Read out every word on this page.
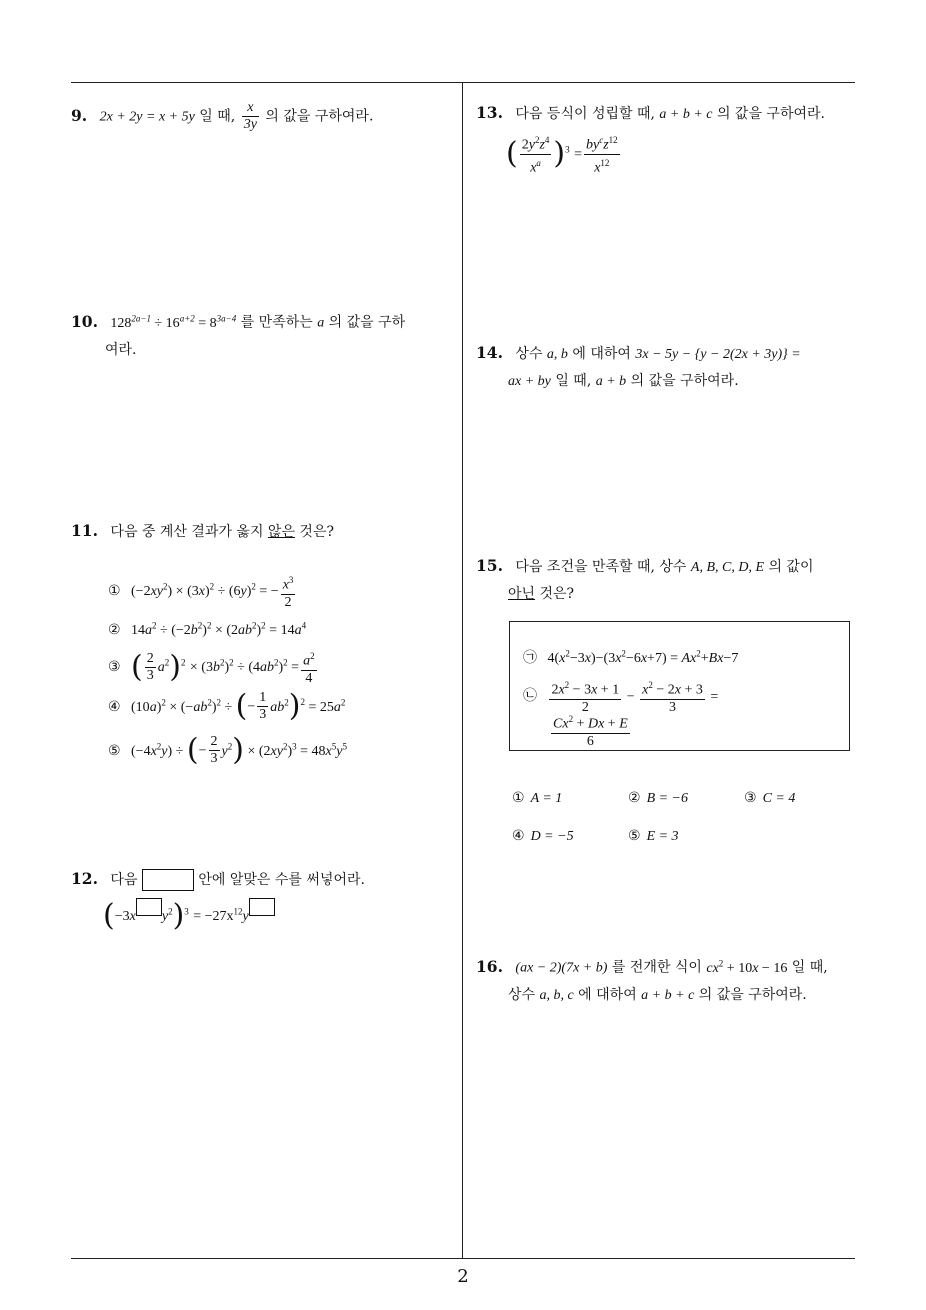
9. 2x + 2y = x + 5y 일 때, $\frac{x}{3y}$ 의 값을 구하여라.
10. $128^{2a-1} \div 16^{a+2} = 8^{3a-4}$ 를 만족하는 a 의 값을 구하
여라.
11. 다음 중 계산 결과가 옳지 않은 것은?
① $(-2xy^2) \times (3x)^2 \div (6y)^2$ = − $\frac{x^3}{2}$
② $14a^2 \div (-2b^2)^2 \times (2ab^2)^2 = 14a^4$
③ ( $\frac{2}{3} a^2)^2 \times (3b^2)^2 \div (4ab^2)^2 = \frac{a^2}{4}$
④ $(10a)^2 \times (-ab^2)^2$ ÷ (− $\frac{1}{3} ab^2)^2 = 25a^2$
⑤ $(-4x^2y)$ ÷ (− $\frac{2}{3} y^2) \times (2xy^2)^3 = 48x^5y^5$
12. 다음	안에 알맞은 수를 써넣어라.
(−3x $y^2)^3 = -27x^{12}y$
13. 다음 등식이 성립할 때, a + b + c 의 값을 구하여라.
( $\frac{2y^2z^4}{x^a} )^3 = \frac{by^cz^{12}}{x^{12}}$
14. 상수 a, b 에 대하여 3x − 5y − {y − 2(2x + 3y)} =
ax + by 일 때, a + b 의 값을 구하여라.
15. 다음 조건을 만족할 때, 상수 A, B, C, D, E 의 값이
아닌 것은?
㉠ $4(x^2-3x)-(3x^2-6x+7) = Ax^2+Bx-7$
㉡ $\frac{2x^2 - 3x + 1}{2} - \frac{x^2 - 2x + 3}{3}$ =
$\frac{Cx^2 + Dx + E}{6}$
① A = 1	② B = −6	③ C = 4
④ D = −5	⑤ E = 3
16. (ax − 2)(7x + b) 를 전개한 식이 $cx^2 + 10x - 16$ 일 때,
상수 a, b, c 에 대하여 a + b + c 의 값을 구하여라.
2
